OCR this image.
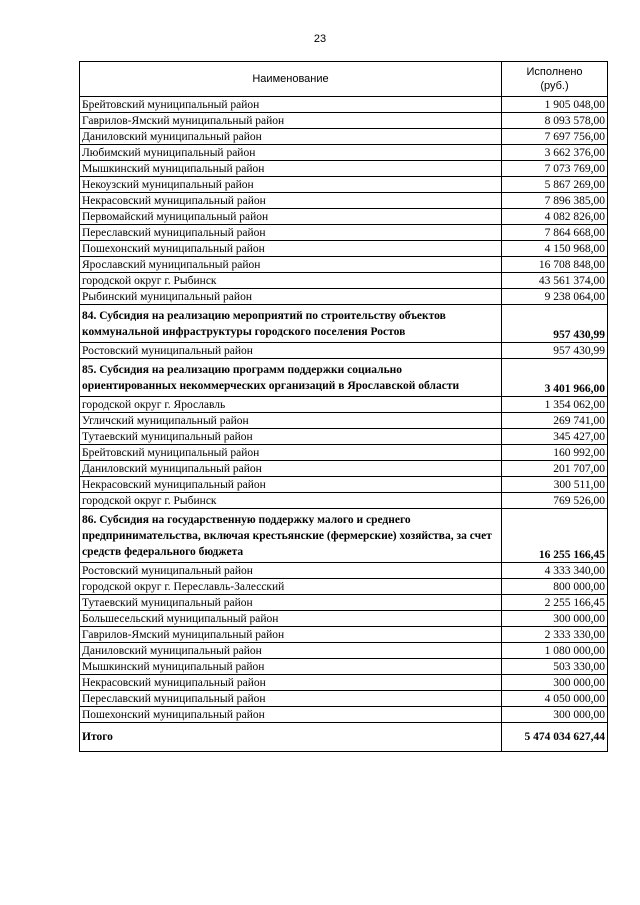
23
Наименование	Исполнено
(руб.)
Брейтовский муниципальный район	1 905 048,00
Гаврилов-Ямский муниципальный район	8 093 578,00
Даниловский муниципальный район	7 697 756,00
Любимский муниципальный район	3 662 376,00
Мышкинский муниципальный район	7 073 769,00
Некоузский муниципальный район	5 867 269,00
Некрасовский муниципальный район	7 896 385,00
Первомайский муниципальный район	4 082 826,00
Переславский муниципальный район	7 864 668,00
Пошехонский муниципальный район	4 150 968,00
Ярославский муниципальный район	16 708 848,00
городской округ г. Рыбинск	43 561 374,00
Рыбинский муниципальный район	9 238 064,00
84. Субсидия на реализацию мероприятий по строительству объектов коммунальной инфраструктуры городского поселения Ростов	957 430,99
Ростовский муниципальный район	957 430,99
85. Субсидия на реализацию программ поддержки социально ориентированных некоммерческих организаций в Ярославской области	3 401 966,00
городской округ г. Ярославль	1 354 062,00
Угличский муниципальный район	269 741,00
Тутаевский муниципальный район	345 427,00
Брейтовский муниципальный район	160 992,00
Даниловский муниципальный район	201 707,00
Некрасовский муниципальный район	300 511,00
городской округ г. Рыбинск	769 526,00
86. Субсидия на государственную поддержку малого и среднего предпринимательства, включая крестьянские (фермерские) хозяйства, за счет средств федерального бюджета	16 255 166,45
Ростовский муниципальный район	4 333 340,00
городской округ г. Переславль-Залесский	800 000,00
Тутаевский муниципальный район	2 255 166,45
Большесельский муниципальный район	300 000,00
Гаврилов-Ямский муниципальный район	2 333 330,00
Даниловский муниципальный район	1 080 000,00
Мышкинский муниципальный район	503 330,00
Некрасовский муниципальный район	300 000,00
Переславский муниципальный район	4 050 000,00
Пошехонский муниципальный район	300 000,00
Итого	5 474 034 627,44
